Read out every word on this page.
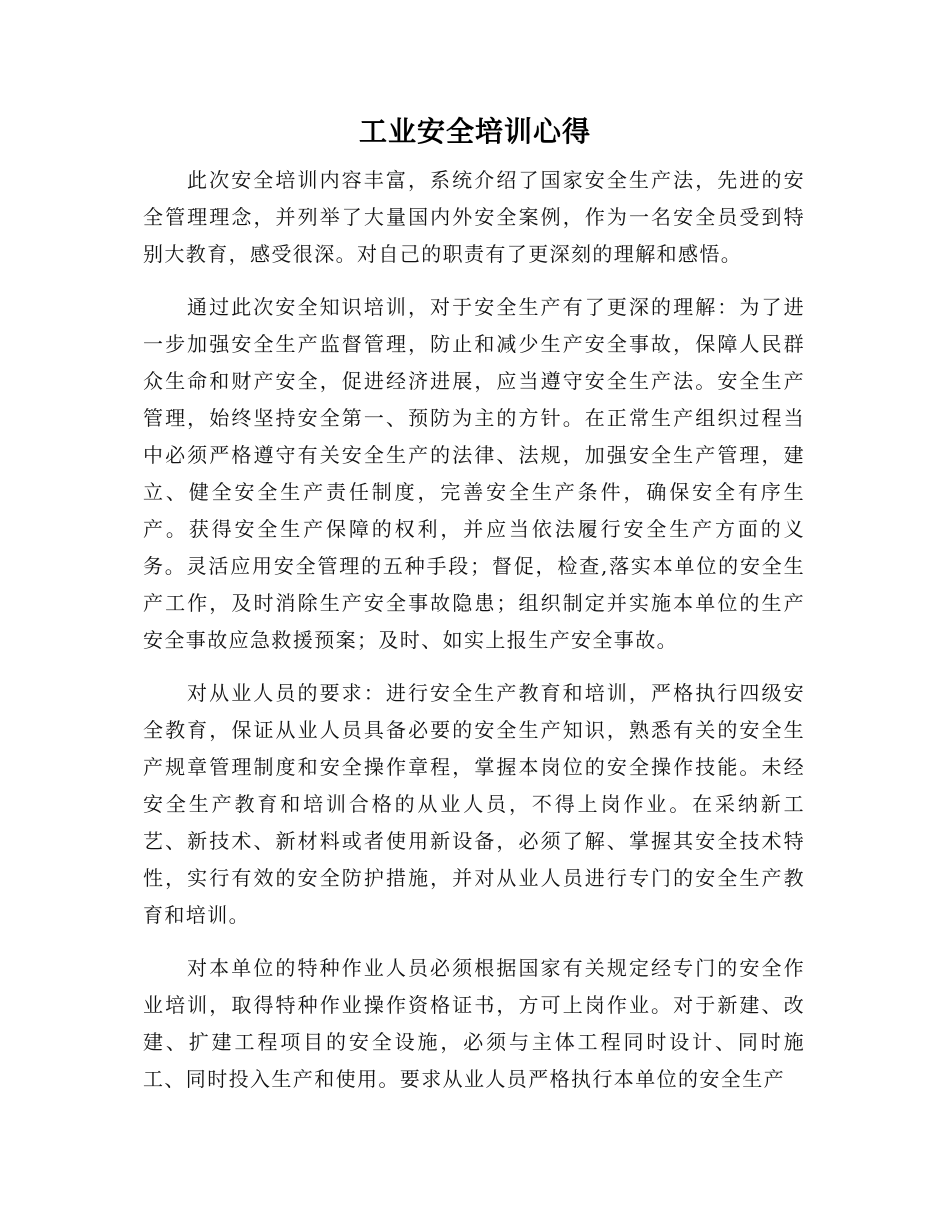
工业安全培训心得

此次安全培训内容丰富，系统介绍了国家安全生产法，先进的安全管理理念，并列举了大量国内外安全案例，作为一名安全员受到特别大教育，感受很深。对自己的职责有了更深刻的理解和感悟。

通过此次安全知识培训，对于安全生产有了更深的理解：为了进一步加强安全生产监督管理，防止和减少生产安全事故，保障人民群众生命和财产安全，促进经济进展，应当遵守安全生产法。安全生产管理，始终坚持安全第一、预防为主的方针。在正常生产组织过程当中必须严格遵守有关安全生产的法律、法规，加强安全生产管理，建立、健全安全生产责任制度，完善安全生产条件，确保安全有序生产。获得安全生产保障的权利，并应当依法履行安全生产方面的义务。灵活应用安全管理的五种手段；督促，检查,落实本单位的安全生产工作，及时消除生产安全事故隐患；组织制定并实施本单位的生产安全事故应急救援预案；及时、如实上报生产安全事故。

对从业人员的要求：进行安全生产教育和培训，严格执行四级安全教育，保证从业人员具备必要的安全生产知识，熟悉有关的安全生产规章管理制度和安全操作章程，掌握本岗位的安全操作技能。未经安全生产教育和培训合格的从业人员，不得上岗作业。在采纳新工艺、新技术、新材料或者使用新设备，必须了解、掌握其安全技术特性，实行有效的安全防护措施，并对从业人员进行专门的安全生产教育和培训。

对本单位的特种作业人员必须根据国家有关规定经专门的安全作业培训，取得特种作业操作资格证书，方可上岗作业。对于新建、改建、扩建工程项目的安全设施，必须与主体工程同时设计、同时施工、同时投入生产和使用。要求从业人员严格执行本单位的安全生产
